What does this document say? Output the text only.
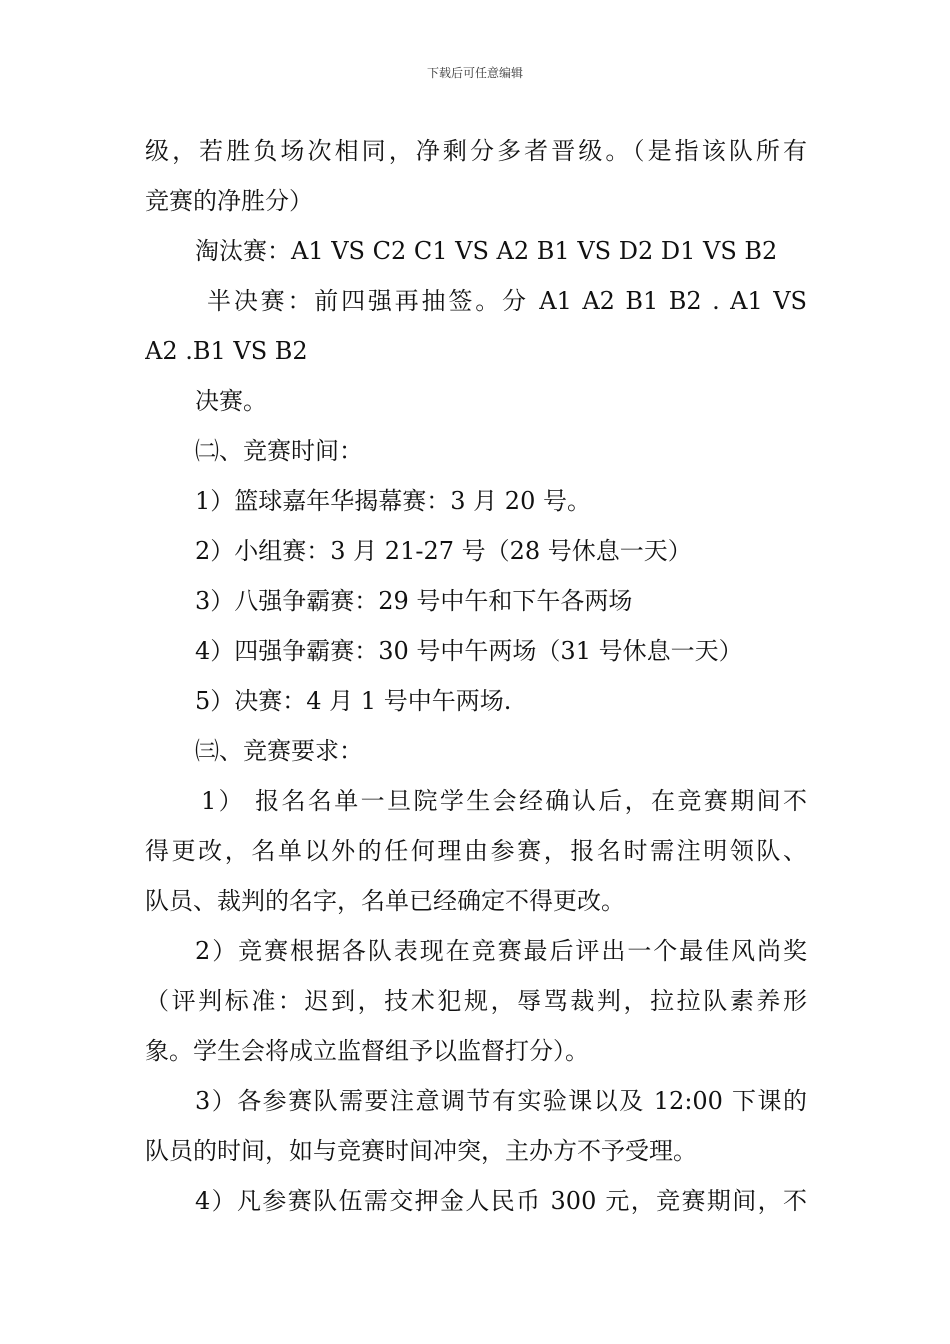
下载后可任意编辑
级，若胜负场次相同，净剩分多者晋级。（是指该队所有
竞赛的净胜分）
淘汰赛：A1 VS C2 C1 VS A2 B1 VS D2 D1 VS B2
半决赛：前四强再抽签。分 A1 A2 B1 B2 . A1 VS
A2 .B1 VS B2
决赛。
㈡、竞赛时间：
1）篮球嘉年华揭幕赛：3 月 20 号。
2）小组赛：3 月 21-27 号（28 号休息一天）
3）八强争霸赛：29 号中午和下午各两场
4）四强争霸赛：30 号中午两场（31 号休息一天）
5）决赛：4 月 1 号中午两场.
㈢、竞赛要求：
1） 报名名单一旦院学生会经确认后，在竞赛期间不
得更改，名单以外的任何理由参赛，报名时需注明领队、
队员、裁判的名字，名单已经确定不得更改。
2）竞赛根据各队表现在竞赛最后评出一个最佳风尚奖
（评判标准：迟到，技术犯规，辱骂裁判，拉拉队素养形
象。学生会将成立监督组予以监督打分）。
3）各参赛队需要注意调节有实验课以及 12:00 下课的
队员的时间，如与竞赛时间冲突，主办方不予受理。
4）凡参赛队伍需交押金人民币 300 元，竞赛期间，不
